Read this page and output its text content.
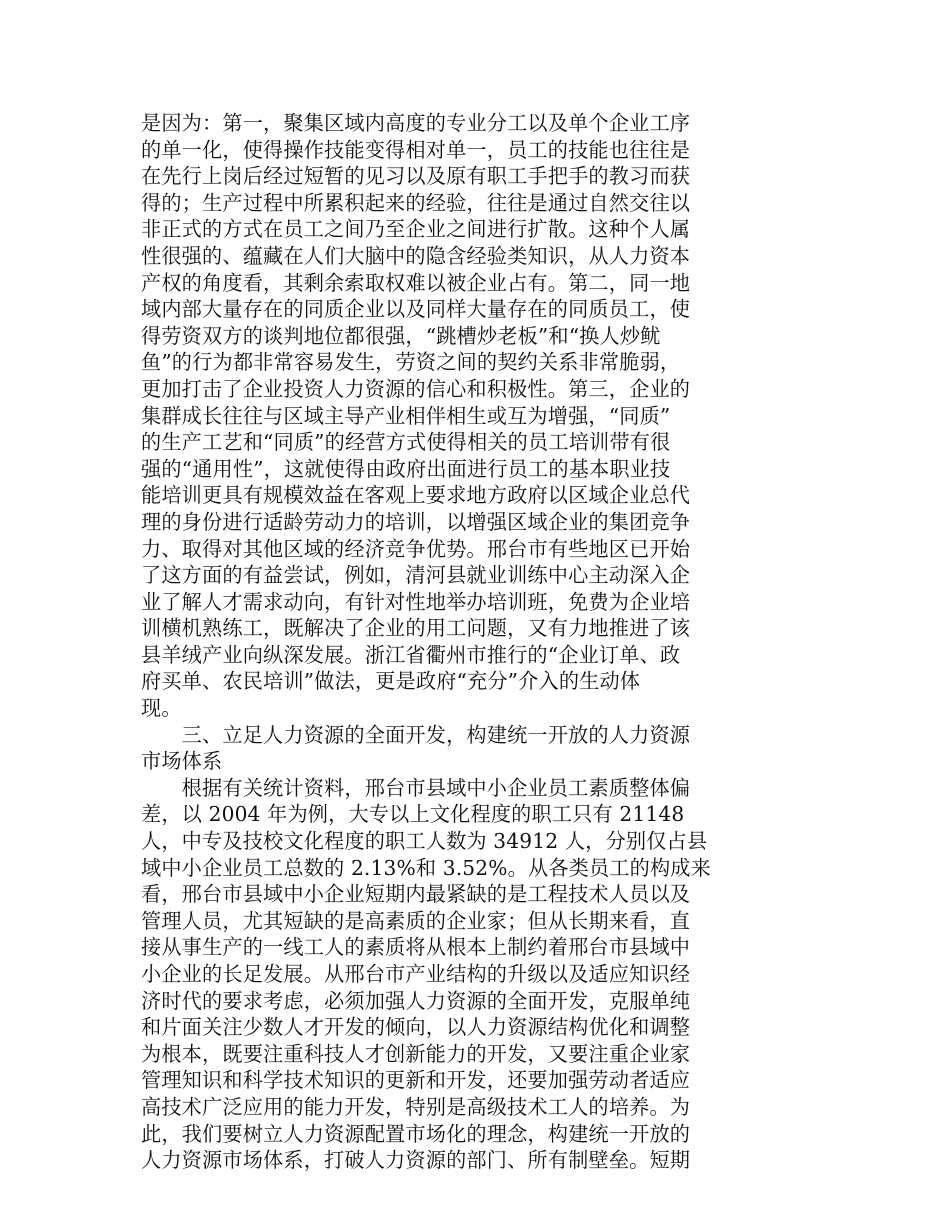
是因为：第一，聚集区域内高度的专业分工以及单个企业工序
的单一化，使得操作技能变得相对单一，员工的技能也往往是
在先行上岗后经过短暂的见习以及原有职工手把手的教习而获
得的；生产过程中所累积起来的经验，往往是通过自然交往以
非正式的方式在员工之间乃至企业之间进行扩散。这种个人属
性很强的、蕴藏在人们大脑中的隐含经验类知识，从人力资本
产权的角度看，其剩余索取权难以被企业占有。第二，同一地
域内部大量存在的同质企业以及同样大量存在的同质员工，使
得劳资双方的谈判地位都很强，“跳槽炒老板”和“换人炒鱿
鱼”的行为都非常容易发生，劳资之间的契约关系非常脆弱，
更加打击了企业投资人力资源的信心和积极性。第三，企业的
集群成长往往与区域主导产业相伴相生或互为增强，“同质”
的生产工艺和“同质”的经营方式使得相关的员工培训带有很
强的“通用性”，这就使得由政府出面进行员工的基本职业技
能培训更具有规模效益在客观上要求地方政府以区域企业总代
理的身份进行适龄劳动力的培训，以增强区域企业的集团竞争
力、取得对其他区域的经济竞争优势。邢台市有些地区已开始
了这方面的有益尝试，例如，清河县就业训练中心主动深入企
业了解人才需求动向，有针对性地举办培训班，免费为企业培
训横机熟练工，既解决了企业的用工问题，又有力地推进了该
县羊绒产业向纵深发展。浙江省衢州市推行的“企业订单、政
府买单、农民培训”做法，更是政府“充分”介入的生动体
现。
　　三、立足人力资源的全面开发，构建统一开放的人力资源
市场体系
　　根据有关统计资料，邢台市县域中小企业员工素质整体偏
差，以 2004 年为例，大专以上文化程度的职工只有 21148
人，中专及技校文化程度的职工人数为 34912 人，分别仅占县
域中小企业员工总数的 2.13%和 3.52%。从各类员工的构成来
看，邢台市县域中小企业短期内最紧缺的是工程技术人员以及
管理人员，尤其短缺的是高素质的企业家；但从长期来看，直
接从事生产的一线工人的素质将从根本上制约着邢台市县域中
小企业的长足发展。从邢台市产业结构的升级以及适应知识经
济时代的要求考虑，必须加强人力资源的全面开发，克服单纯
和片面关注少数人才开发的倾向，以人力资源结构优化和调整
为根本，既要注重科技人才创新能力的开发，又要注重企业家
管理知识和科学技术知识的更新和开发，还要加强劳动者适应
高技术广泛应用的能力开发，特别是高级技术工人的培养。为
此，我们要树立人力资源配置市场化的理念，构建统一开放的
人力资源市场体系，打破人力资源的部门、所有制壁垒。短期
